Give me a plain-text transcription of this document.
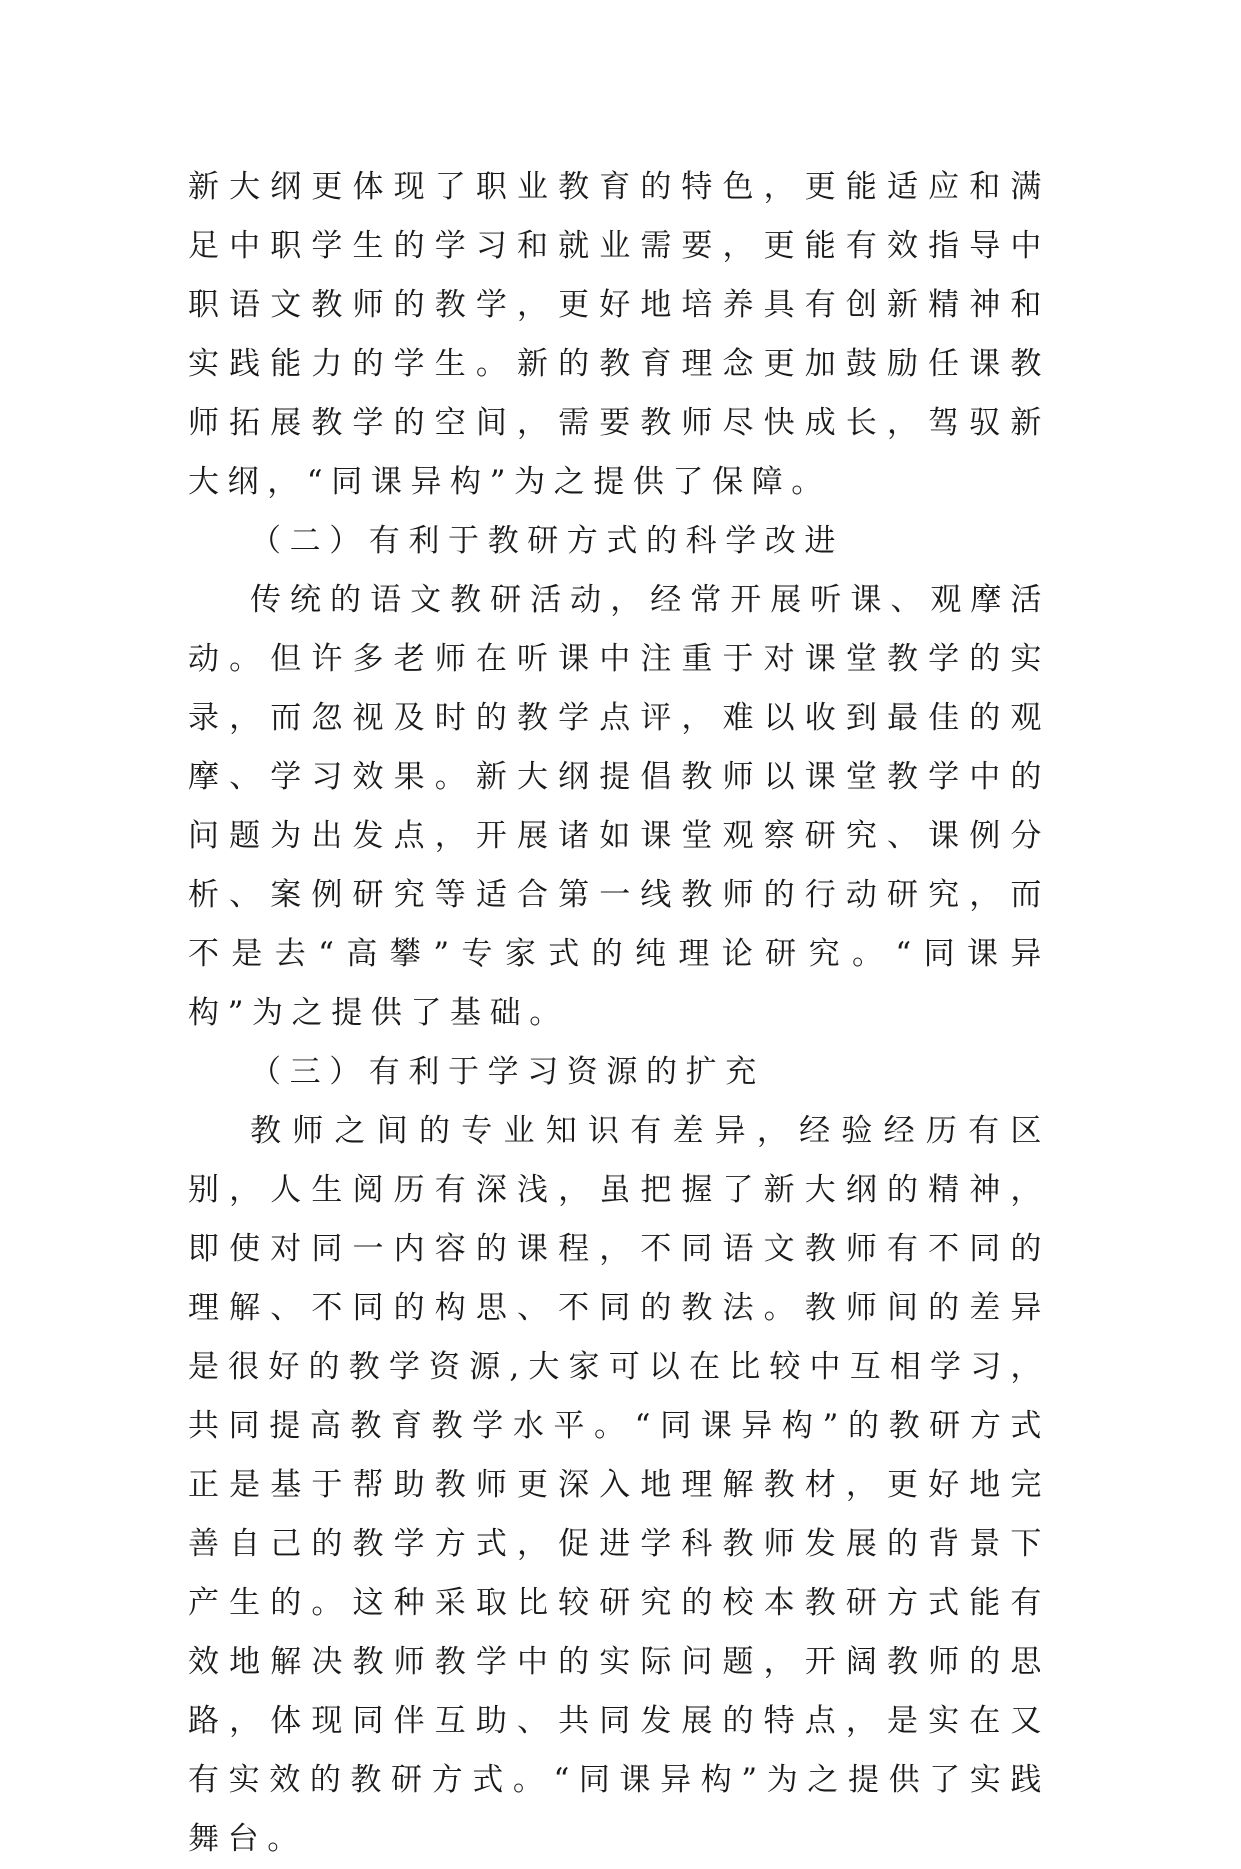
新大纲更体现了职业教育的特色，更能适应和满足中职学生的学习和就业需要，更能有效指导中职语文教师的教学，更好地培养具有创新精神和实践能力的学生。新的教育理念更加鼓励任课教师拓展教学的空间，需要教师尽快成长，驾驭新大纲，“同课异构”为之提供了保障。

（二）有利于教研方式的科学改进

传统的语文教研活动，经常开展听课、观摩活动。但许多老师在听课中注重于对课堂教学的实录，而忽视及时的教学点评，难以收到最佳的观摩、学习效果。新大纲提倡教师以课堂教学中的问题为出发点，开展诸如课堂观察研究、课例分析、案例研究等适合第一线教师的行动研究，而不是去“高攀”专家式的纯理论研究。“同课异构”为之提供了基础。

（三）有利于学习资源的扩充

教师之间的专业知识有差异，经验经历有区别，人生阅历有深浅，虽把握了新大纲的精神，即使对同一内容的课程，不同语文教师有不同的理解、不同的构思、不同的教法。教师间的差异是很好的教学资源,大家可以在比较中互相学习，共同提高教育教学水平。“同课异构”的教研方式正是基于帮助教师更深入地理解教材，更好地完善自己的教学方式，促进学科教师发展的背景下产生的。这种采取比较研究的校本教研方式能有效地解决教师教学中的实际问题，开阔教师的思路，体现同伴互助、共同发展的特点，是实在又有实效的教研方式。“同课异构”为之提供了实践舞台。
